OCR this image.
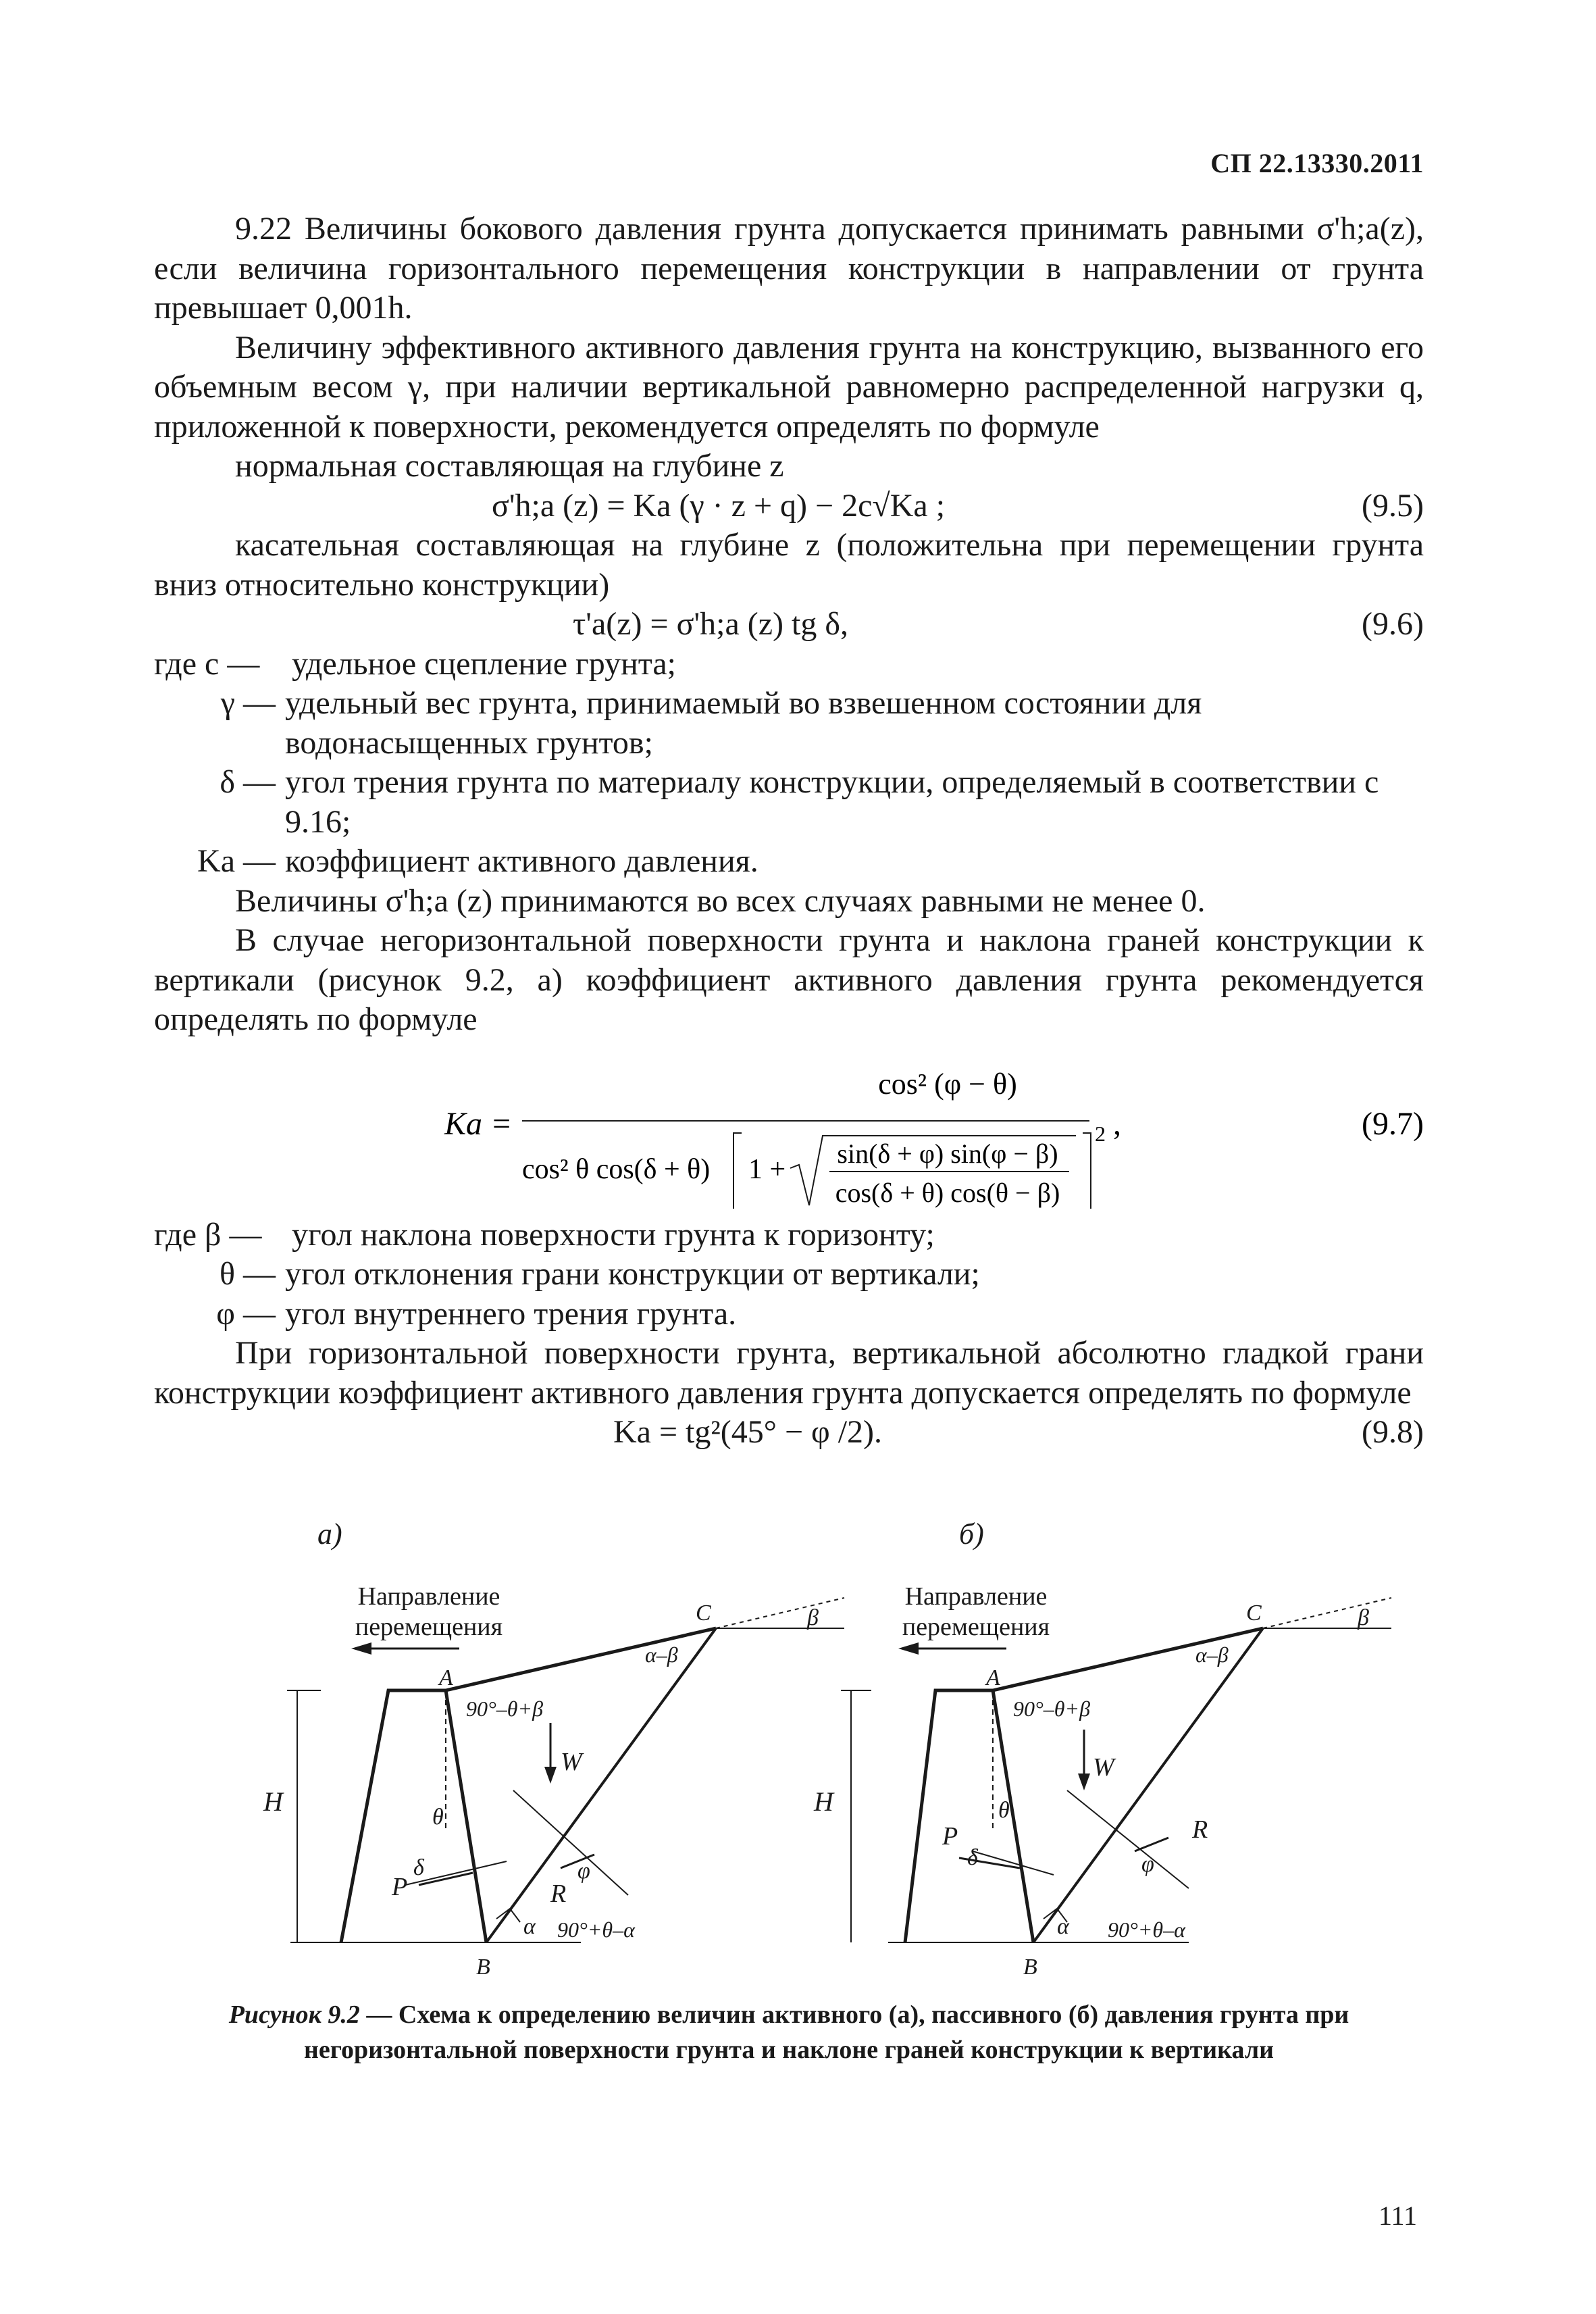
СП 22.13330.2011

9.22 Величины бокового давления грунта допускается принимать равными σ'h;a(z), если величина горизонтального перемещения конструкции в направлении от грунта превышает 0,001h.

Величину эффективного активного давления грунта на конструкцию, вызванного его объемным весом γ, при наличии вертикальной равномерно распределенной нагрузки q, приложенной к поверхности, рекомендуется определять по формуле

нормальная составляющая на глубине z

σ'h;a (z) = Ka (γ · z + q) − 2c√Ka ;	(9.5)

касательная составляющая на глубине z (положительна при перемещении грунта вниз относительно конструкции)

τ'a(z) = σ'h;a (z) tg δ,	(9.6)
где c — удельное сцепление грунта;
γ — удельный вес грунта, принимаемый во взвешенном состоянии для водонасыщенных грунтов;
δ — угол трения грунта по материалу конструкции, определяемый в соответствии с 9.16;
Ka — коэффициент активного давления.

Величины σ'h;a (z) принимаются во всех случаях равными не менее 0.

В случае негоризонтальной поверхности грунта и наклона граней конструкции к вертикали (рисунок 9.2, а) коэффициент активного давления грунта рекомендуется определять по формуле

Ka =
cos² (φ − θ)
cos² θ cos(δ + θ) 1 +
sin(δ + φ) sin(φ − β)
cos(δ + θ) cos(θ − β)
2 ,	(9.7)
где β — угол наклона поверхности грунта к горизонту;
θ — угол отклонения грани конструкции от вертикали;
φ — угол внутреннего трения грунта.

При горизонтальной поверхности грунта, вертикальной абсолютно гладкой грани конструкции коэффициент активного давления грунта допускается определять по формуле

Ka = tg²(45° − φ /2).	(9.8)
а)
Направление
перемещения
H
W
P	R
θ
δ	φ
α
A
B
C	β
α–β
90°–θ+β
90°+θ–α
б)
Направление
перемещения
H
W
P	R
θ
δ	φ
α
A
B
C	β
α–β
90°–θ+β
90°+θ–α
Рисунок 9.2 — Схема к определению величин активного (а), пассивного (б) давления грунта при негоризонтальной поверхности грунта и наклоне граней конструкции к вертикали
111
